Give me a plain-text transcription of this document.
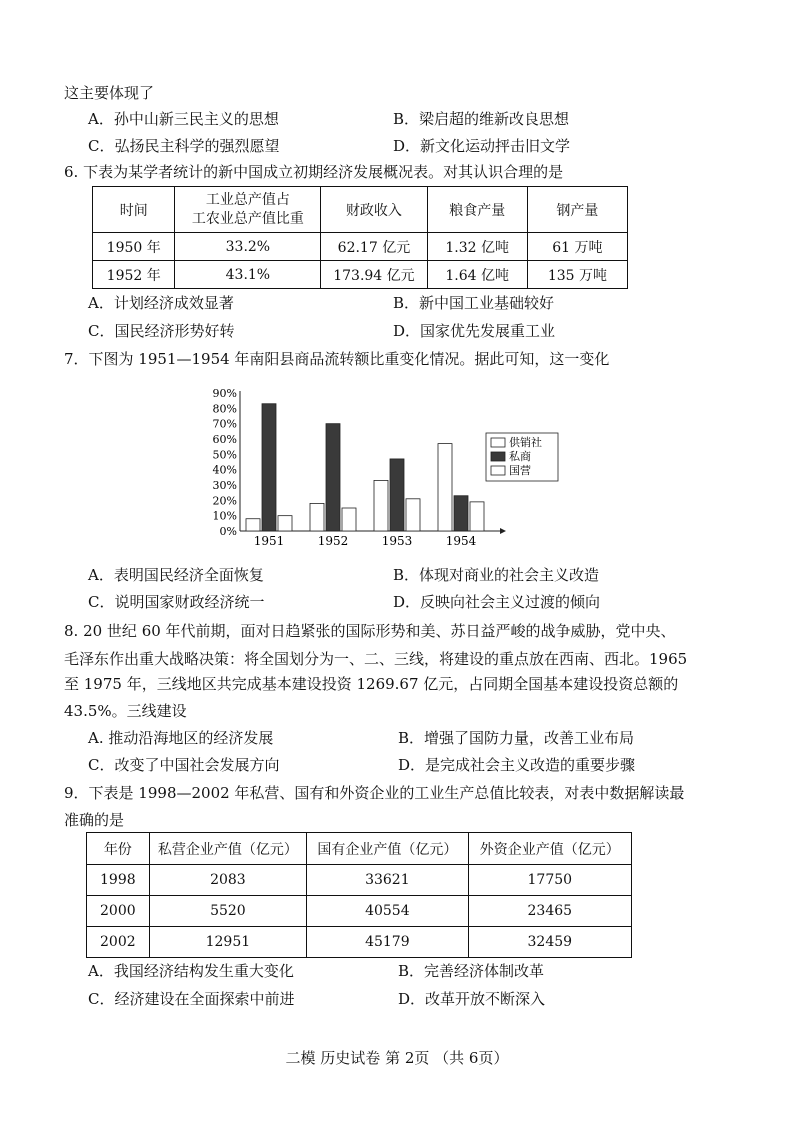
这主要体现了
A．孙中山新三民主义的思想	B．梁启超的维新改良思想
C．弘扬民主科学的强烈愿望	D．新文化运动抨击旧文学
6. 下表为某学者统计的新中国成立初期经济发展概况表。对其认识合理的是
时间	工业总产值占
工农业总产值比重	财政收入	粮食产量	钢产量
1950 年	33.2%	62.17 亿元	1.32 亿吨	61 万吨
1952 年	43.1%	173.94 亿元	1.64 亿吨	135 万吨
A．计划经济成效显著	B．新中国工业基础较好
C．国民经济形势好转	D．国家优先发展重工业
7．下图为 1951—1954 年南阳县商品流转额比重变化情况。据此可知，这一变化
0%
10%
20%
30%
40%
50%
60%
70%
80%
90%
1951	1952	1953	1954
供销社
私商
国营
A．表明国民经济全面恢复	B．体现对商业的社会主义改造
C．说明国家财政经济统一	D．反映向社会主义过渡的倾向
8. 20 世纪 60 年代前期，面对日趋紧张的国际形势和美、苏日益严峻的战争威胁，党中央、
毛泽东作出重大战略决策：将全国划分为一、二、三线，将建设的重点放在西南、西北。1965
至 1975 年，三线地区共完成基本建设投资 1269.67 亿元，占同期全国基本建设投资总额的
43.5%。三线建设
A. 推动沿海地区的经济发展	B．增强了国防力量，改善工业布局
C．改变了中国社会发展方向	D．是完成社会主义改造的重要步骤
9．下表是 1998—2002 年私营、国有和外资企业的工业生产总值比较表，对表中数据解读最
准确的是
年份	私营企业产值（亿元）	国有企业产值（亿元）	外资企业产值（亿元）
1998	2083	33621	17750
2000	5520	40554	23465
2002	12951	45179	32459
A．我国经济结构发生重大变化	B．完善经济体制改革
C．经济建设在全面探索中前进	D．改革开放不断深入
二模 历史试卷 第 2页 （共 6页）
